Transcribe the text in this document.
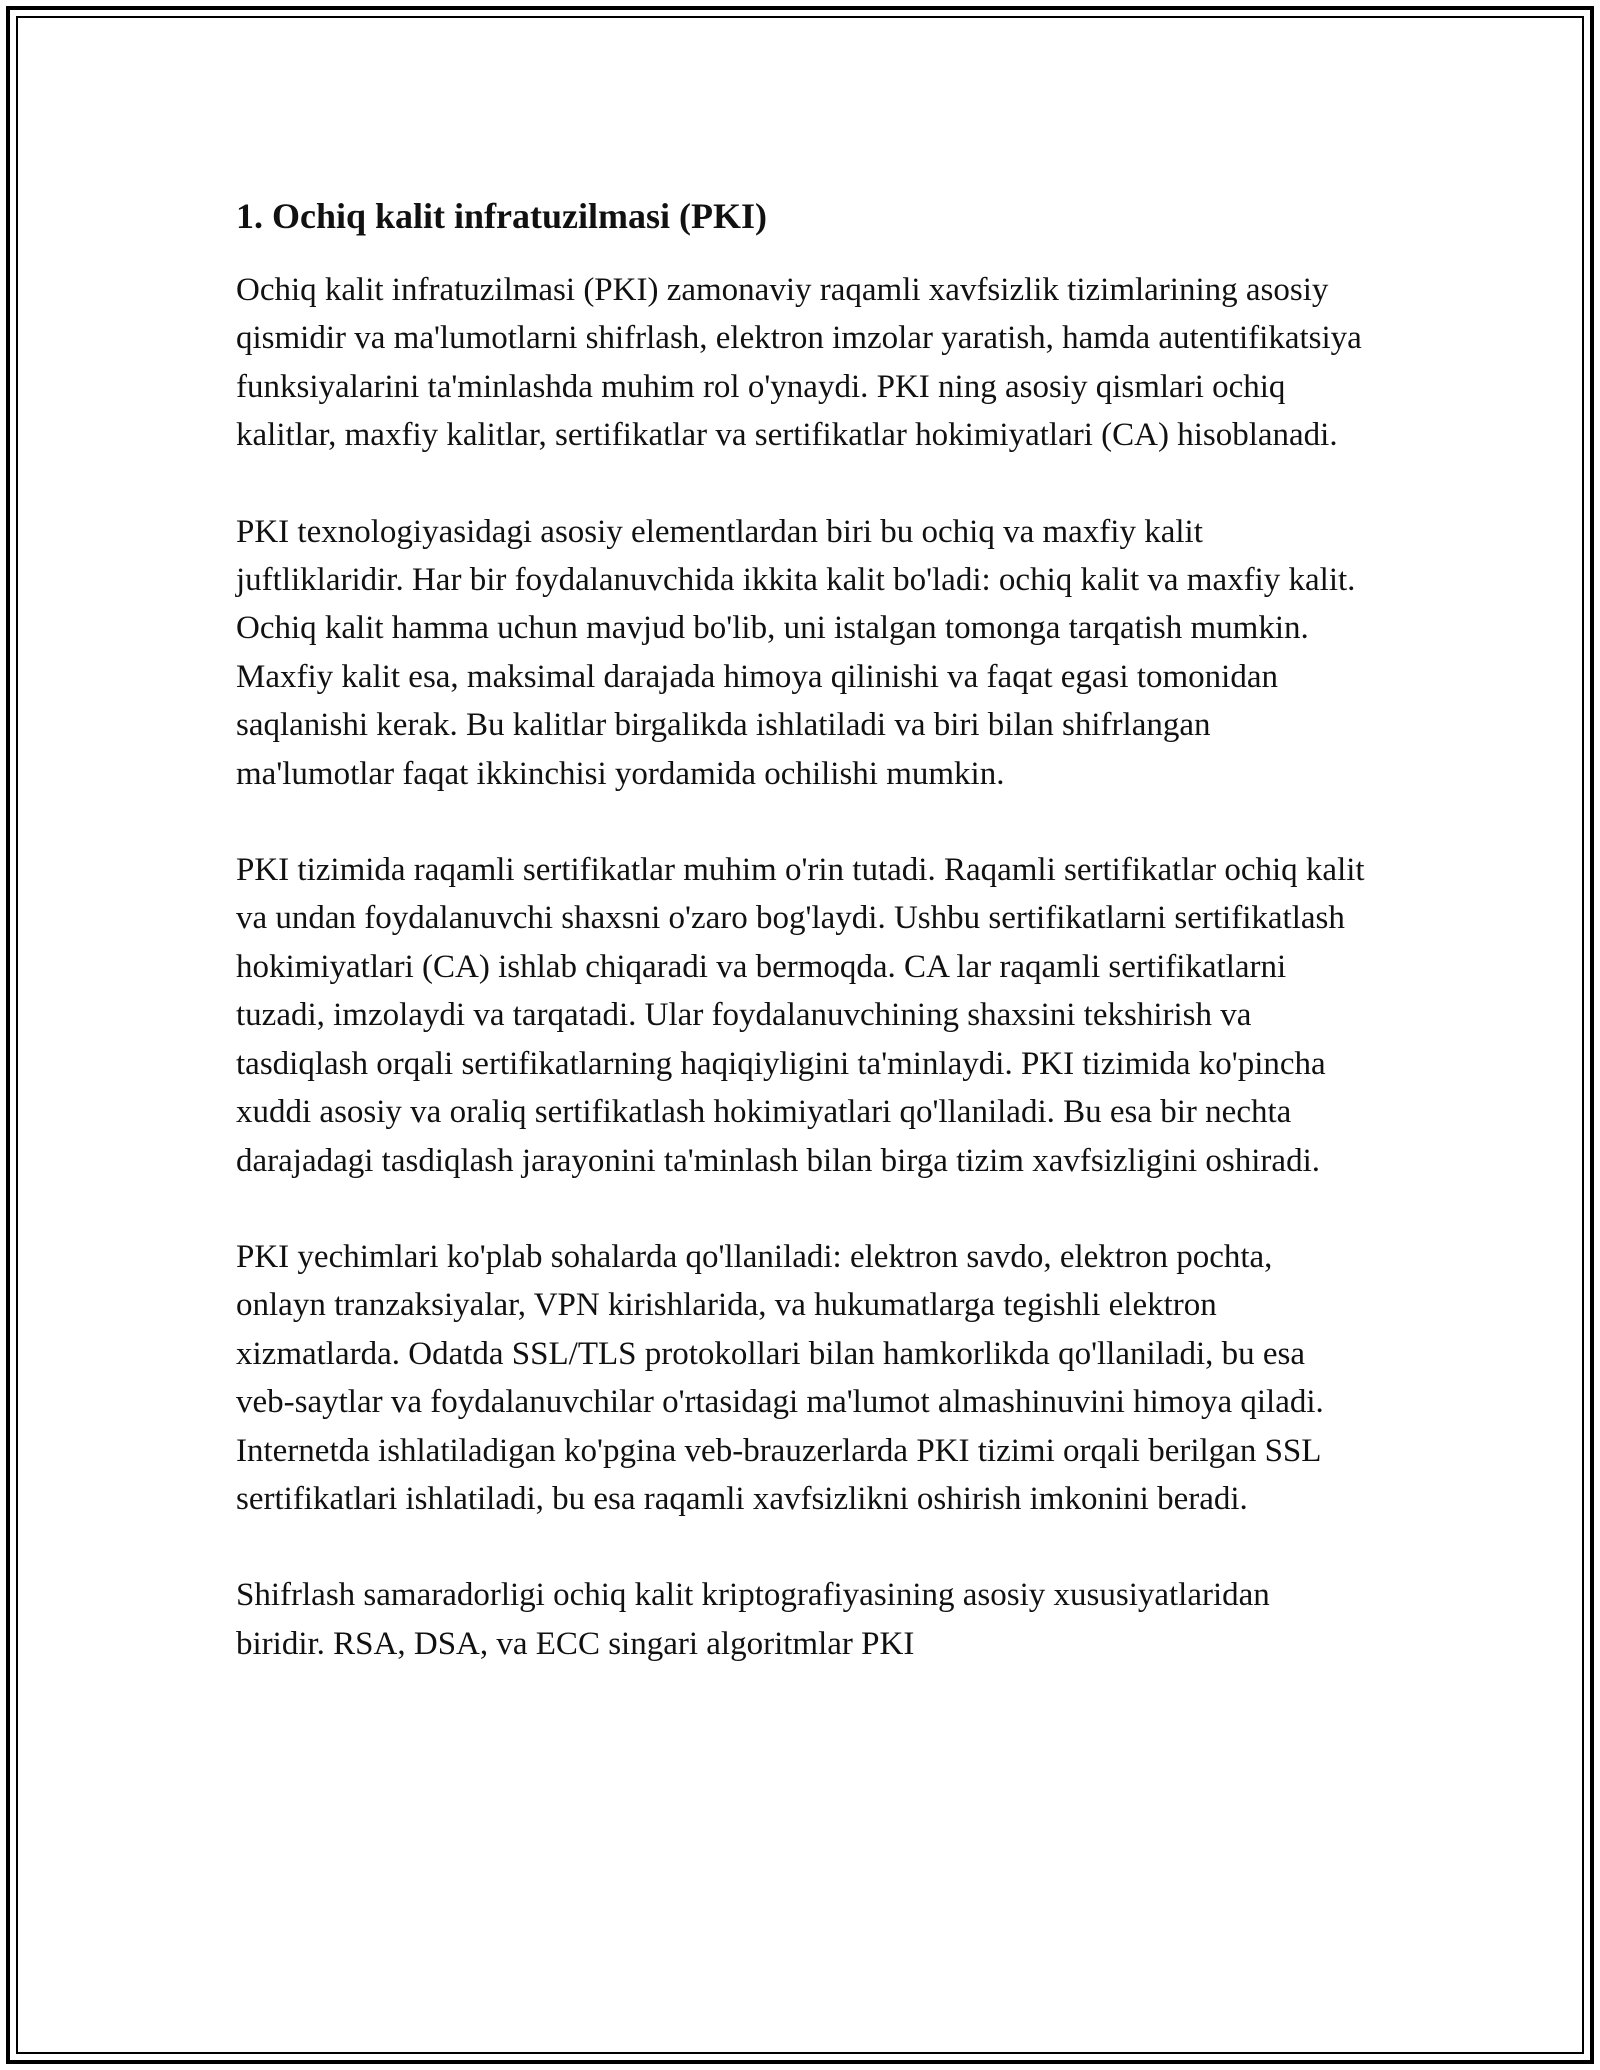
1. Ochiq kalit infratuzilmasi (PKI)

Ochiq kalit infratuzilmasi (PKI) zamonaviy raqamli xavfsizlik tizimlarining asosiy qismidir va ma'lumotlarni shifrlash, elektron imzolar yaratish, hamda autentifikatsiya funksiyalarini ta'minlashda muhim rol o'ynaydi. PKI ning asosiy qismlari ochiq kalitlar, maxfiy kalitlar, sertifikatlar va sertifikatlar hokimiyatlari (CA) hisoblanadi.

PKI texnologiyasidagi asosiy elementlardan biri bu ochiq va maxfiy kalit juftliklaridir. Har bir foydalanuvchida ikkita kalit bo'ladi: ochiq kalit va maxfiy kalit. Ochiq kalit hamma uchun mavjud bo'lib, uni istalgan tomonga tarqatish mumkin. Maxfiy kalit esa, maksimal darajada himoya qilinishi va faqat egasi tomonidan saqlanishi kerak. Bu kalitlar birgalikda ishlatiladi va biri bilan shifrlangan ma'lumotlar faqat ikkinchisi yordamida ochilishi mumkin.

PKI tizimida raqamli sertifikatlar muhim o'rin tutadi. Raqamli sertifikatlar ochiq kalit va undan foydalanuvchi shaxsni o'zaro bog'laydi. Ushbu sertifikatlarni sertifikatlash hokimiyatlari (CA) ishlab chiqaradi va bermoqda. CA lar raqamli sertifikatlarni tuzadi, imzolaydi va tarqatadi. Ular foydalanuvchining shaxsini tekshirish va tasdiqlash orqali sertifikatlarning haqiqiyligini ta'minlaydi. PKI tizimida ko'pincha xuddi asosiy va oraliq sertifikatlash hokimiyatlari qo'llaniladi. Bu esa bir nechta darajadagi tasdiqlash jarayonini ta'minlash bilan birga tizim xavfsizligini oshiradi.

PKI yechimlari ko'plab sohalarda qo'llaniladi: elektron savdo, elektron pochta, onlayn tranzaksiyalar, VPN kirishlarida, va hukumatlarga tegishli elektron xizmatlarda. Odatda SSL/TLS protokollari bilan hamkorlikda qo'llaniladi, bu esa veb-saytlar va foydalanuvchilar o'rtasidagi ma'lumot almashinuvini himoya qiladi. Internetda ishlatiladigan ko'pgina veb-brauzerlarda PKI tizimi orqali berilgan SSL sertifikatlari ishlatiladi, bu esa raqamli xavfsizlikni oshirish imkonini beradi.

Shifrlash samaradorligi ochiq kalit kriptografiyasining asosiy xususiyatlaridan biridir. RSA, DSA, va ECC singari algoritmlar PKI
